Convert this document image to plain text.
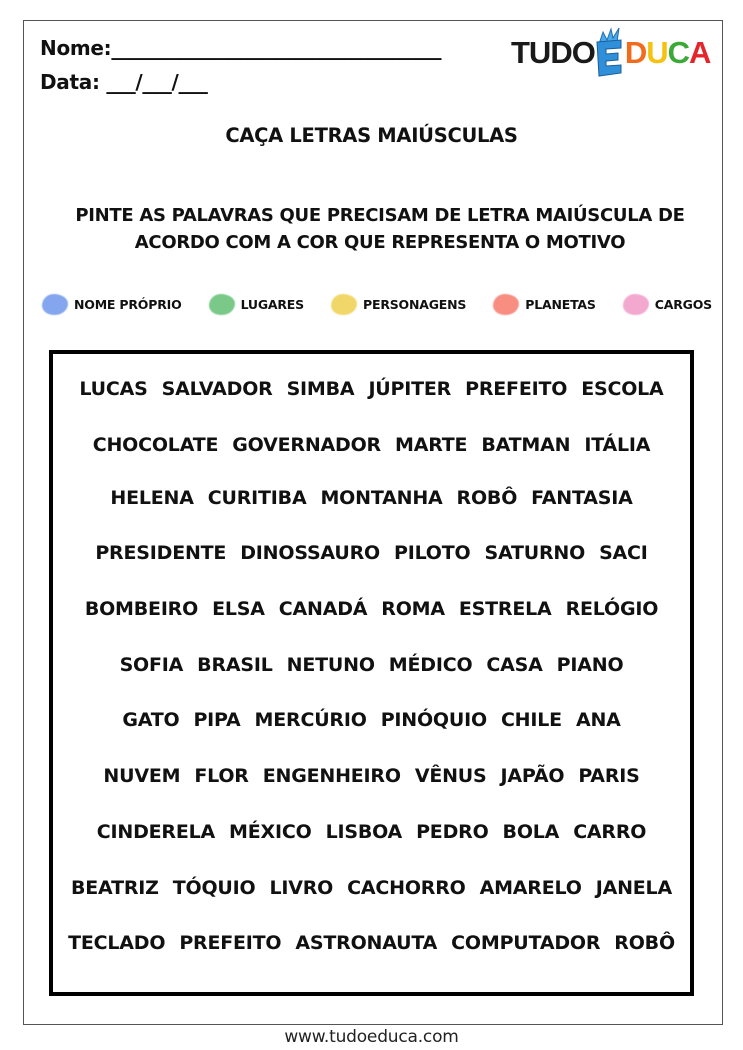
Nome:__________________________________
Data: ___/___/___
TUDO D U C A
CAÇA LETRAS MAIÚSCULAS
PINTE AS PALAVRAS QUE PRECISAM DE LETRA MAIÚSCULA DE ACORDO COM A COR QUE REPRESENTA O MOTIVO
NOME PRÓPRIO	LUGARES	PERSONAGENS	PLANETAS	CARGOS
LUCAS SALVADOR SIMBA JÚPITER PREFEITO ESCOLA
CHOCOLATE GOVERNADOR MARTE BATMAN ITÁLIA
HELENA CURITIBA MONTANHA ROBÔ FANTASIA
PRESIDENTE DINOSSAURO PILOTO SATURNO SACI
BOMBEIRO ELSA CANADÁ ROMA ESTRELA RELÓGIO
SOFIA BRASIL NETUNO MÉDICO CASA PIANO
GATO PIPA MERCÚRIO PINÓQUIO CHILE ANA
NUVEM FLOR ENGENHEIRO VÊNUS JAPÃO PARIS
CINDERELA MÉXICO LISBOA PEDRO BOLA CARRO
BEATRIZ TÓQUIO LIVRO CACHORRO AMARELO JANELA
TECLADO PREFEITO ASTRONAUTA COMPUTADOR ROBÔ
www.tudoeduca.com
